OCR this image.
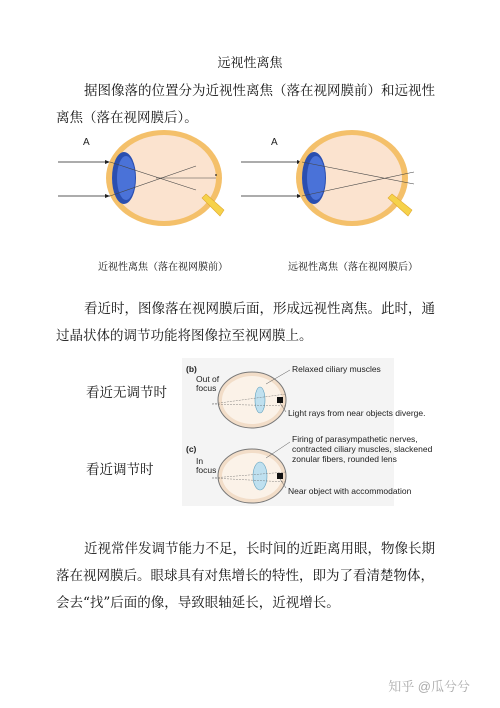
远视性离焦
据图像落的位置分为近视性离焦（落在视网膜前）和远视性离焦（落在视网膜后）。
A	A
近视性离焦（落在视网膜前）	远视性离焦（落在视网膜后）
看近时，图像落在视网膜后面，形成远视性离焦。此时，通过晶状体的调节功能将图像拉至视网膜上。
看近无调节时
看近调节时
(b)
Out of
focus
Relaxed ciliary muscles
Light rays from near objects diverge.
(c)
In
focus
Firing of parasympathetic nerves,
contracted ciliary muscles, slackened
zonular fibers, rounded lens
Near object with accommodation
近视常伴发调节能力不足，长时间的近距离用眼，物像长期落在视网膜后。眼球具有对焦增长的特性，即为了看清楚物体，会去“找”后面的像，导致眼轴延长，近视增长。
知乎 @瓜兮兮
